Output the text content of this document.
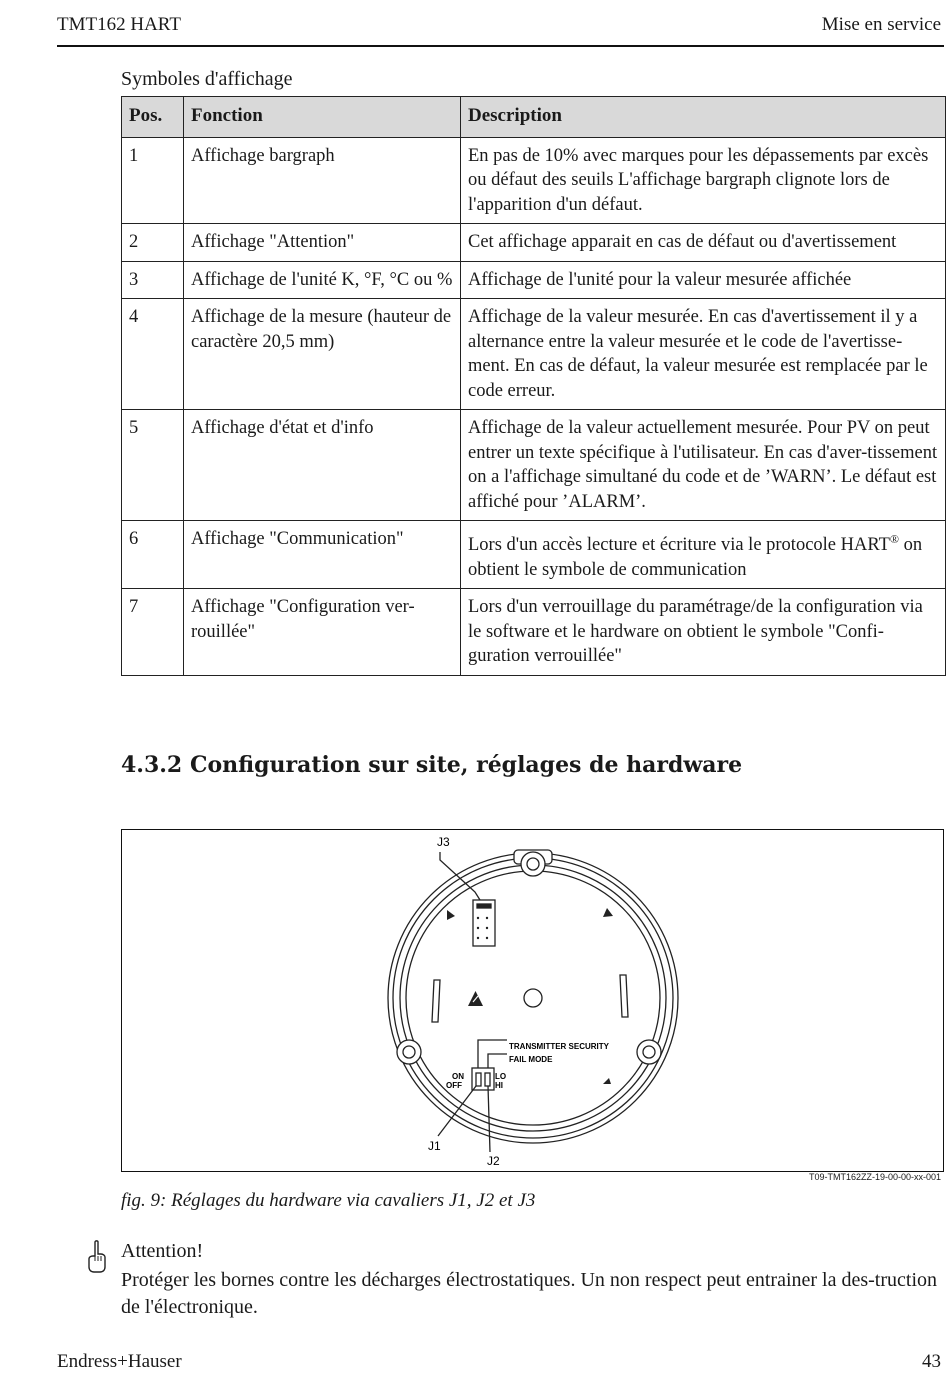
TMT162 HART	Mise en service
Symboles d'affichage
Pos.	Fonction	Description
1	Affichage bargraph	En pas de 10% avec marques pour les dépassements par excès ou défaut des seuils L'affichage bargraph clignote lors de l'apparition d'un défaut.
2	Affichage "Attention"	Cet affichage apparait en cas de défaut ou d'avertissement
3	Affichage de l'unité K, °F, °C ou %	Affichage de l'unité pour la valeur mesurée affichée
4	Affichage de la mesure (hauteur de caractère 20,5 mm)	Affichage de la valeur mesurée. En cas d'avertissement il y a alternance entre la valeur mesurée et le code de l'avertisse-ment. En cas de défaut, la valeur mesurée est remplacée par le code erreur.
5	Affichage d'état et d'info	Affichage de la valeur actuellement mesurée. Pour PV on peut entrer un texte spécifique à l'utilisateur. En cas d'aver-tissement on a l'affichage simultané du code et de ’WARN’. Le défaut est affiché pour ’ALARM’.
6	Affichage "Communication"	Lors d'un accès lecture et écriture via le protocole HART® on obtient le symbole de communication
7	Affichage "Configuration ver-rouillée"	Lors d'un verrouillage du paramétrage/de la configuration via le software et le hardware on obtient le symbole "Confi-guration verrouillée"
4.3.2 Configuration sur site, réglages de hardware
J3
TRANSMITTER SECURITY
FAIL MODE
ON
OFF
LO
HI
J1
J2
T09-TMT162ZZ-19-00-00-xx-001
fig. 9: Réglages du hardware via cavaliers J1, J2 et J3
Attention!
Protéger les bornes contre les décharges électrostatiques. Un non respect peut entrainer la des-truction de l'électronique.
Endress+Hauser	43
